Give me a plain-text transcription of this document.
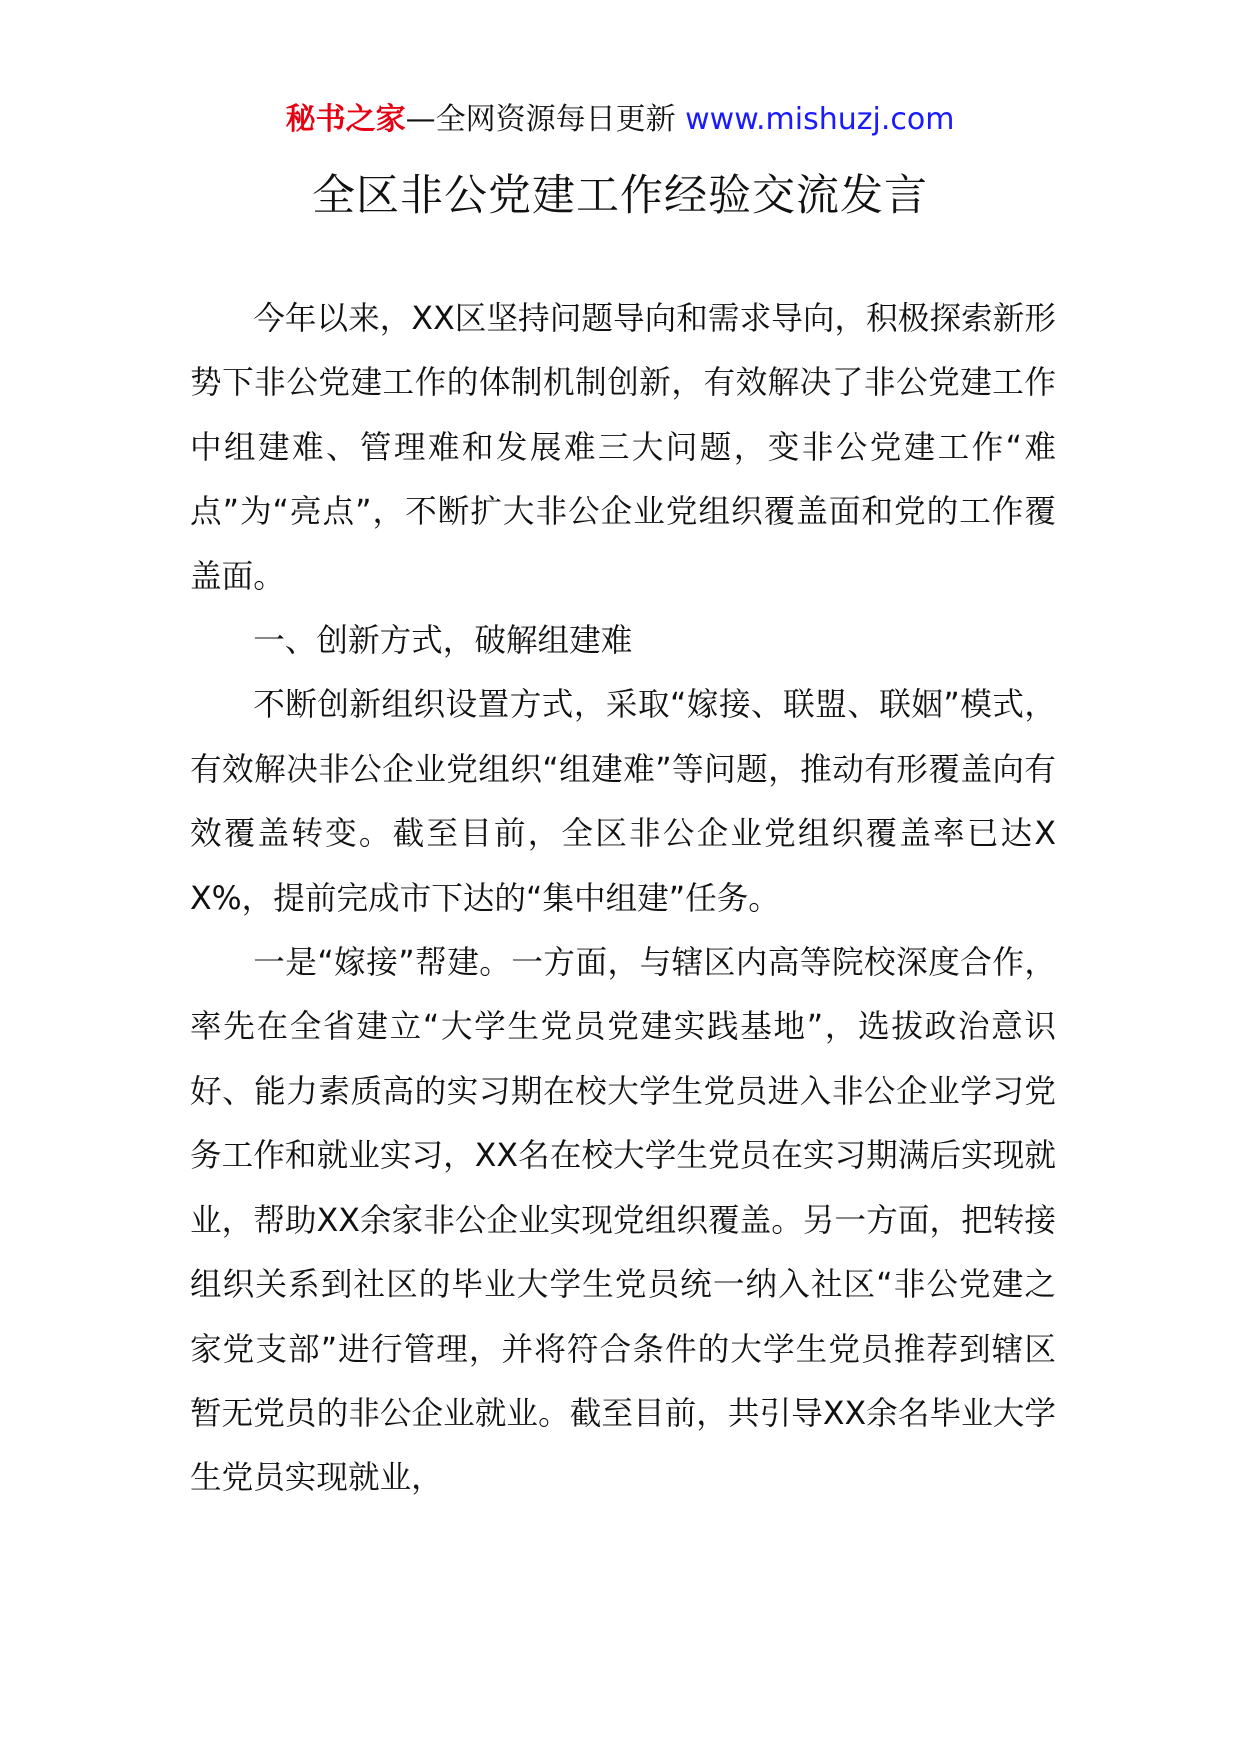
秘书之家—全网资源每日更新 www.mishuzj.com
全区非公党建工作经验交流发言

今年以来，XX区坚持问题导向和需求导向，积极探索新形势下非公党建工作的体制机制创新，有效解决了非公党建工作中组建难、管理难和发展难三大问题，变非公党建工作“难点”为“亮点”，不断扩大非公企业党组织覆盖面和党的工作覆盖面。

一、创新方式，破解组建难

不断创新组织设置方式，采取“嫁接、联盟、联姻”模式，有效解决非公企业党组织“组建难”等问题，推动有形覆盖向有效覆盖转变。截至目前，全区非公企业党组织覆盖率已达XX%，提前完成市下达的“集中组建”任务。

一是“嫁接”帮建。一方面，与辖区内高等院校深度合作，率先在全省建立“大学生党员党建实践基地”，选拔政治意识好、能力素质高的实习期在校大学生党员进入非公企业学习党务工作和就业实习，XX名在校大学生党员在实习期满后实现就业，帮助XX余家非公企业实现党组织覆盖。另一方面，把转接组织关系到社区的毕业大学生党员统一纳入社区“非公党建之家党支部”进行管理，并将符合条件的大学生党员推荐到辖区暂无党员的非公企业就业。截至目前，共引导XX余名毕业大学生党员实现就业，
